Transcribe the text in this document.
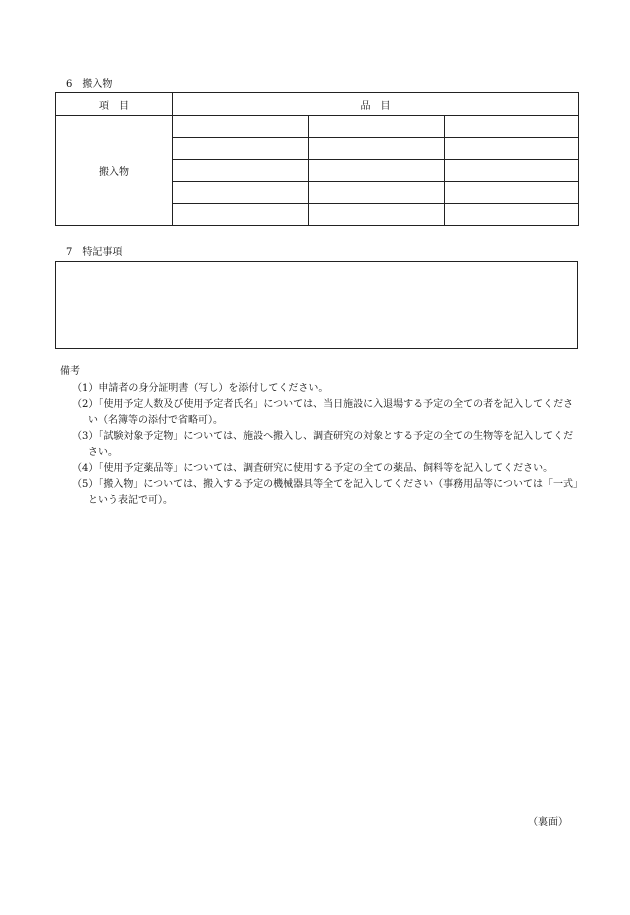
6　搬入物
項　目	品　目		
搬入物			

7　特記事項
備考
（1）申請者の身分証明書（写し）を添付してください。
（2）「使用予定人数及び使用予定者氏名」については、当日施設に入退場する予定の全ての者を記入してください（名簿等の添付で省略可）。
（3）「試験対象予定物」については、施設へ搬入し、調査研究の対象とする予定の全ての生物等を記入してください。
（4）「使用予定薬品等」については、調査研究に使用する予定の全ての薬品、飼料等を記入してください。
（5）「搬入物」については、搬入する予定の機械器具等全てを記入してください（事務用品等については「一式」という表記で可）。
（裏面）
